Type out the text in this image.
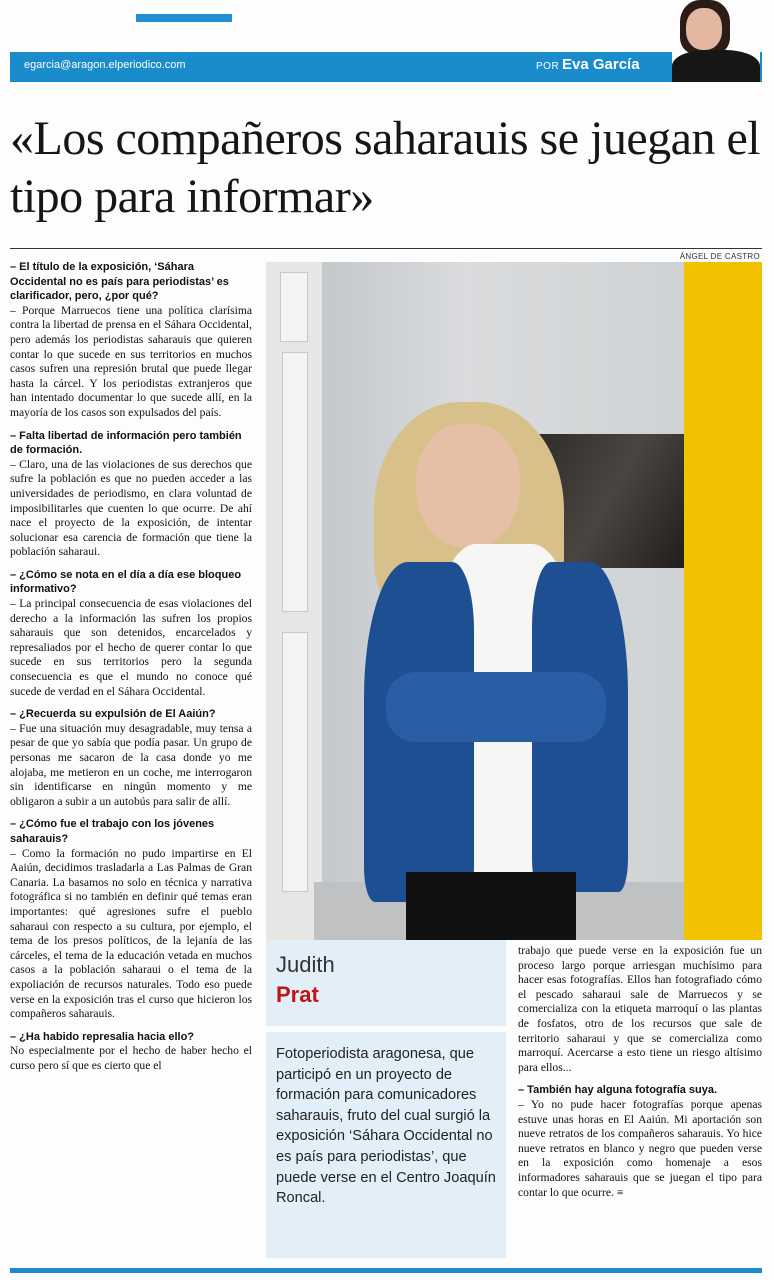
egarcia@aragon.elperiodico.com	POR Eva García
«Los compañeros saharauis se juegan el tipo para informar»
ÁNGEL DE CASTRO

– El título de la exposición, ‘Sáhara Occidental no es país para periodistas’ es clarificador, pero, ¿por qué?

– Porque Marruecos tiene una política clarísima contra la libertad de prensa en el Sáhara Occidental, pero además los periodistas saharauis que quieren contar lo que sucede en sus territorios en muchos casos sufren una represión brutal que puede llegar hasta la cárcel. Y los periodistas extranjeros que han intentado documentar lo que sucede allí, en la mayoría de los casos son expulsados del país.

– Falta libertad de información pero también de formación.

– Claro, una de las violaciones de sus derechos que sufre la población es que no pueden acceder a las universidades de periodismo, en clara voluntad de imposibilitarles que cuenten lo que ocurre. De ahí nace el proyecto de la exposición, de intentar solucionar esa carencia de formación que tiene la población saharaui.

– ¿Cómo se nota en el día a día ese bloqueo informativo?

– La principal consecuencia de esas violaciones del derecho a la información las sufren los propios saharauis que son detenidos, encarcelados y represaliados por el hecho de querer contar lo que sucede en sus territorios pero la segunda consecuencia es que el mundo no conoce qué sucede de verdad en el Sáhara Occidental.

– ¿Recuerda su expulsión de El Aaiún?

– Fue una situación muy desagradable, muy tensa a pesar de que yo sabía que podía pasar. Un grupo de personas me sacaron de la casa donde yo me alojaba, me metieron en un coche, me interrogaron sin identificarse en ningún momento y me obligaron a subir a un autobús para salir de allí.

– ¿Cómo fue el trabajo con los jóvenes saharauis?

– Como la formación no pudo impartirse en El Aaiún, decidimos trasladarla a Las Palmas de Gran Canaria. La basamos no solo en técnica y narrativa fotográfica si no también en definir qué temas eran importantes: qué agresiones sufre el pueblo saharaui con respecto a su cultura, por ejemplo, el tema de los presos políticos, de la lejanía de las cárceles, el tema de la educación vetada en muchos casos a la población saharaui o el tema de la expoliación de recursos naturales. Todo eso puede verse en la exposición tras el curso que hicieron los compañeros saharauis.

– ¿Ha habido represalia hacia ello?

No especialmente por el hecho de haber hecho el curso pero sí que es cierto que el

Judith
Prat

Fotoperiodista aragonesa, que participó en un proyecto de formación para comunicadores saharauis, fruto del cual surgió la exposición ‘Sáhara Occidental no es país para periodistas’, que puede verse en el Centro Joaquín Roncal.

trabajo que puede verse en la exposición fue un proceso largo porque arriesgan muchísimo para hacer esas fotografías. Ellos han fotografiado cómo el pescado saharaui sale de Marruecos y se comercializa con la etiqueta marroquí o las plantas de fosfatos, otro de los recursos que sale de territorio saharaui y que se comercializa como marroquí. Acercarse a esto tiene un riesgo altísimo para ellos...

– También hay alguna fotografía suya.

– Yo no pude hacer fotografías porque apenas estuve unas horas en El Aaiún. Mi aportación son nueve retratos de los compañeros saharauis. Yo hice nueve retratos en blanco y negro que pueden verse en la exposición como homenaje a esos informadores saharauis que se juegan el tipo para contar lo que ocurre. ≡
